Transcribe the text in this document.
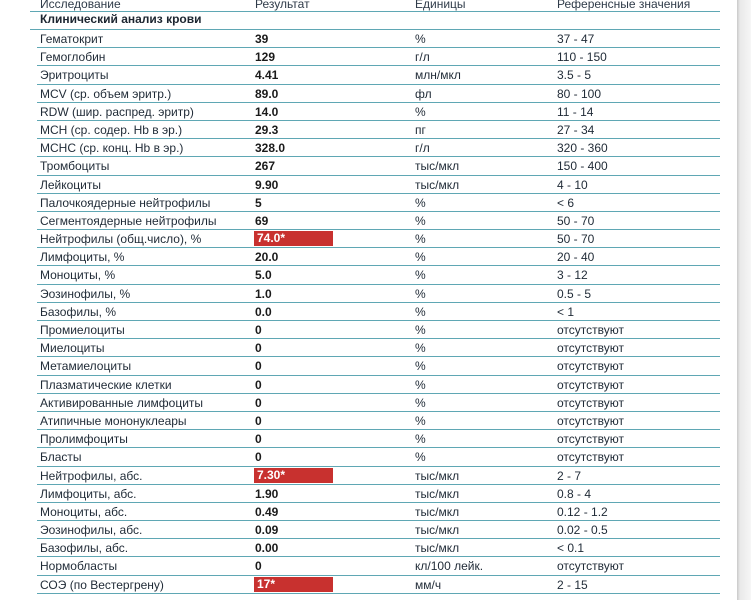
Исследование	Результат	Единицы	Референсные значения
Клинический анализ крови
Гематокрит	39	%	37 - 47
Гемоглобин	129	г/л	110 - 150
Эритроциты	4.41	млн/мкл	3.5 - 5
MCV (ср. объем эритр.)	89.0	фл	80 - 100
RDW (шир. распред. эритр)	14.0	%	11 - 14
MCH (ср. содер. Hb в эр.)	29.3	пг	27 - 34
MCHC (ср. конц. Hb в эр.)	328.0	г/л	320 - 360
Тромбоциты	267	тыс/мкл	150 - 400
Лейкоциты	9.90	тыс/мкл	4 - 10
Палочкоядерные нейтрофилы	5	%	< 6
Сегментоядерные нейтрофилы	69	%	50 - 70
Нейтрофилы (общ.число), %	74.0*	%	50 - 70
Лимфоциты, %	20.0	%	20 - 40
Моноциты, %	5.0	%	3 - 12
Эозинофилы, %	1.0	%	0.5 - 5
Базофилы, %	0.0	%	< 1
Промиелоциты	0	%	отсутствуют
Миелоциты	0	%	отсутствуют
Метамиелоциты	0	%	отсутствуют
Плазматические клетки	0	%	отсутствуют
Активированные лимфоциты	0	%	отсутствуют
Атипичные мононуклеары	0	%	отсутствуют
Пролимфоциты	0	%	отсутствуют
Бласты	0	%	отсутствуют
Нейтрофилы, абс.	7.30*	тыс/мкл	2 - 7
Лимфоциты, абс.	1.90	тыс/мкл	0.8 - 4
Моноциты, абс.	0.49	тыс/мкл	0.12 - 1.2
Эозинофилы, абс.	0.09	тыс/мкл	0.02 - 0.5
Базофилы, абс.	0.00	тыс/мкл	< 0.1
Нормобласты	0	кл/100 лейк.	отсутствуют
СОЭ (по Вестергрену)	17*	мм/ч	2 - 15
